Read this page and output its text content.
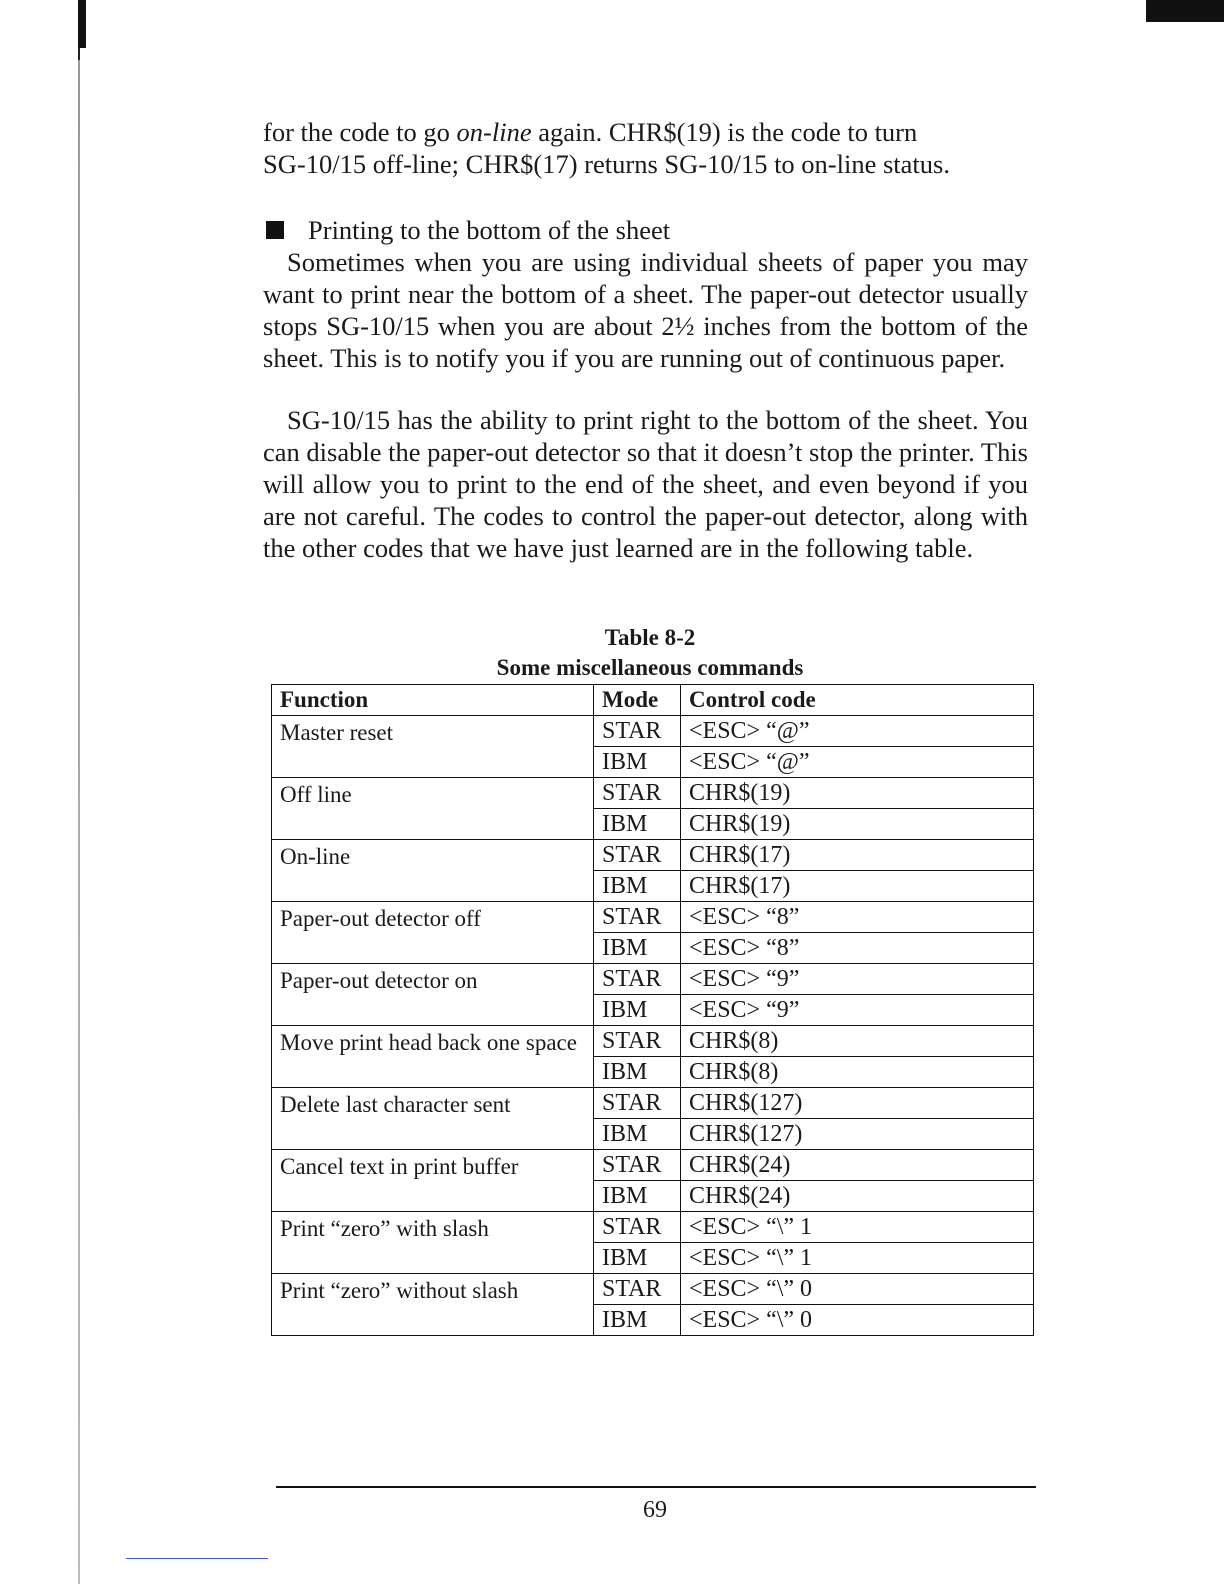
for the code to go on-line again. CHR$(19) is the code to turn
SG-10/15 off-line; CHR$(17) returns SG-10/15 to on-line status.

Printing to the bottom of the sheet

Sometimes when you are using individual sheets of paper you may want to print near the bottom of a sheet. The paper-out detector usually stops SG-10/15 when you are about 2½ inches from the bottom of the sheet. This is to notify you if you are running out of continuous paper.

SG-10/15 has the ability to print right to the bottom of the sheet. You can disable the paper-out detector so that it doesn’t stop the printer. This will allow you to print to the end of the sheet, and even beyond if you are not careful. The codes to control the paper-out detector, along with the other codes that we have just learned are in the following table.

Table 8-2

Some miscellaneous commands

Function	Mode	Control code
Master reset	STAR	<ESC> “@”
	IBM	<ESC> “@”
Off line	STAR	CHR$(19)
	IBM	CHR$(19)
On-line	STAR	CHR$(17)
	IBM	CHR$(17)
Paper-out detector off	STAR	<ESC> “8”
	IBM	<ESC> “8”
Paper-out detector on	STAR	<ESC> “9”
	IBM	<ESC> “9”
Move print head back one space	STAR	CHR$(8)
	IBM	CHR$(8)
Delete last character sent	STAR	CHR$(127)
	IBM	CHR$(127)
Cancel text in print buffer	STAR	CHR$(24)
	IBM	CHR$(24)
Print “zero” with slash	STAR	<ESC> “\” 1
	IBM	<ESC> “\” 1
Print “zero” without slash	STAR	<ESC> “\” 0
	IBM	<ESC> “\” 0
69
